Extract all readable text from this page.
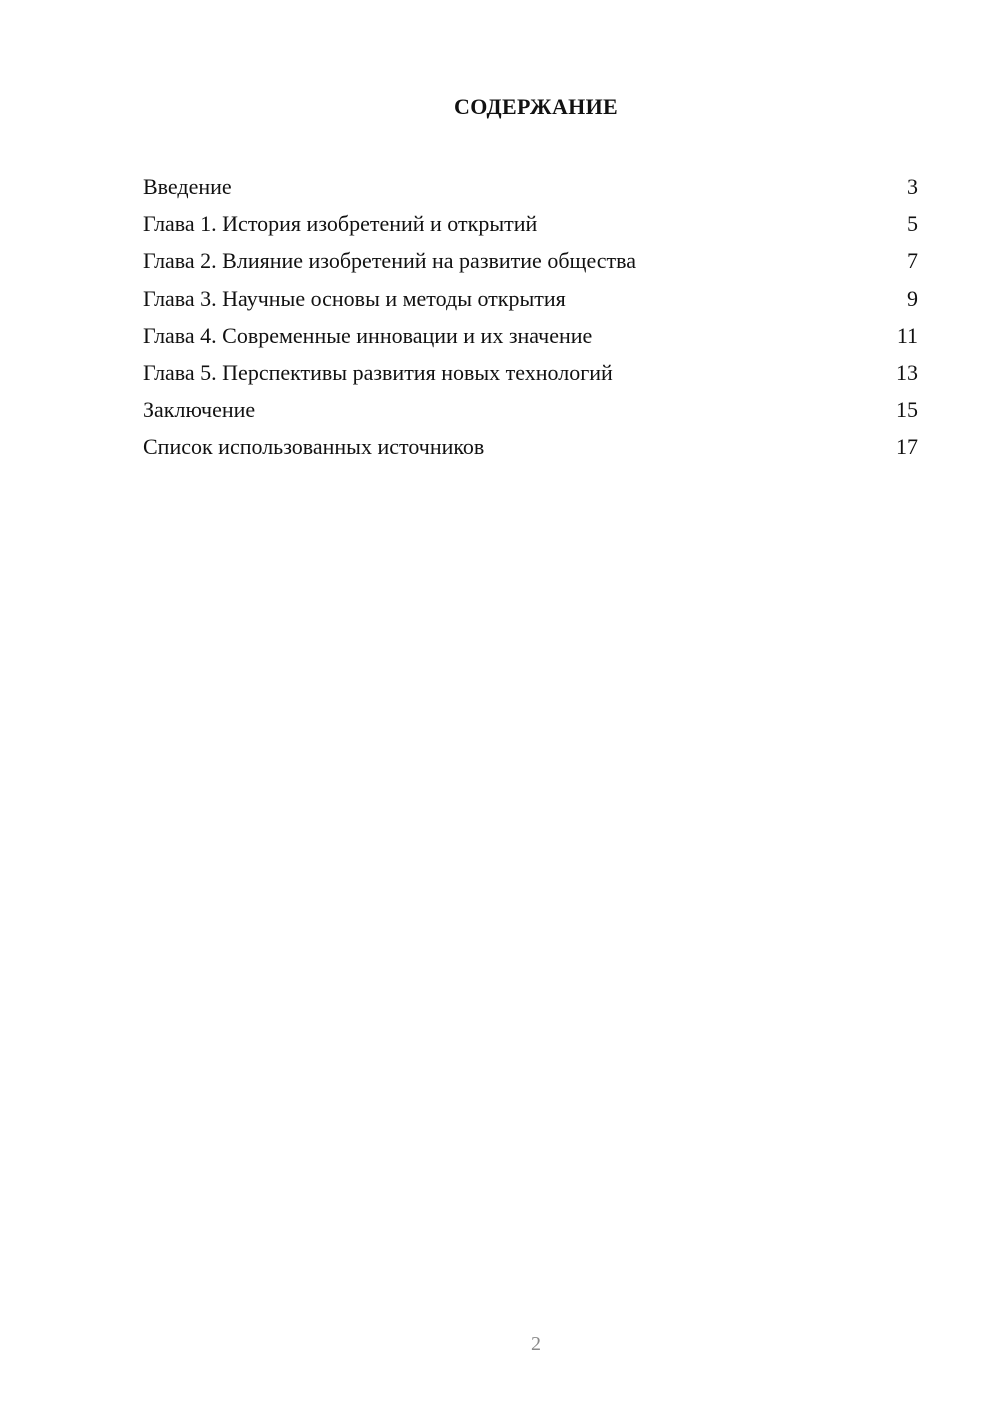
СОДЕРЖАНИЕ
Введение	3
Глава 1. История изобретений и открытий	5
Глава 2. Влияние изобретений на развитие общества	7
Глава 3. Научные основы и методы открытия	9
Глава 4. Современные инновации и их значение	11
Глава 5. Перспективы развития новых технологий	13
Заключение	15
Список использованных источников	17
2
